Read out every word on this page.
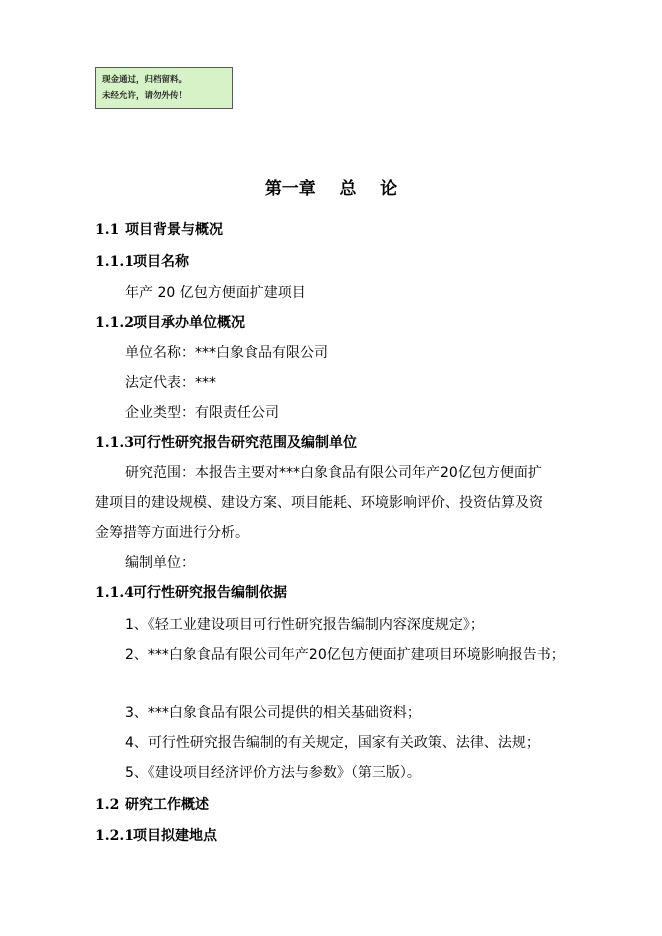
现金通过，归档留料。
未经允许，请勿外传！
第一章    总    论
1.1 项目背景与概况
1.1.1项目名称
年产 20 亿包方便面扩建项目
1.1.2项目承办单位概况
单位名称：***白象食品有限公司
法定代表：***
企业类型：有限责任公司
1.1.3可行性研究报告研究范围及编制单位
研究范围：本报告主要对***白象食品有限公司年产20亿包方便面扩
建项目的建设规模、建设方案、项目能耗、环境影响评价、投资估算及资
金筹措等方面进行分析。
编制单位：
1.1.4可行性研究报告编制依据
1、《轻工业建设项目可行性研究报告编制内容深度规定》；
2、***白象食品有限公司年产20亿包方便面扩建项目环境影响报告书；
3、***白象食品有限公司提供的相关基础资料；
4、可行性研究报告编制的有关规定，国家有关政策、法律、法规；
5、《建设项目经济评价方法与参数》（第三版）。
1.2 研究工作概述
1.2.1项目拟建地点
